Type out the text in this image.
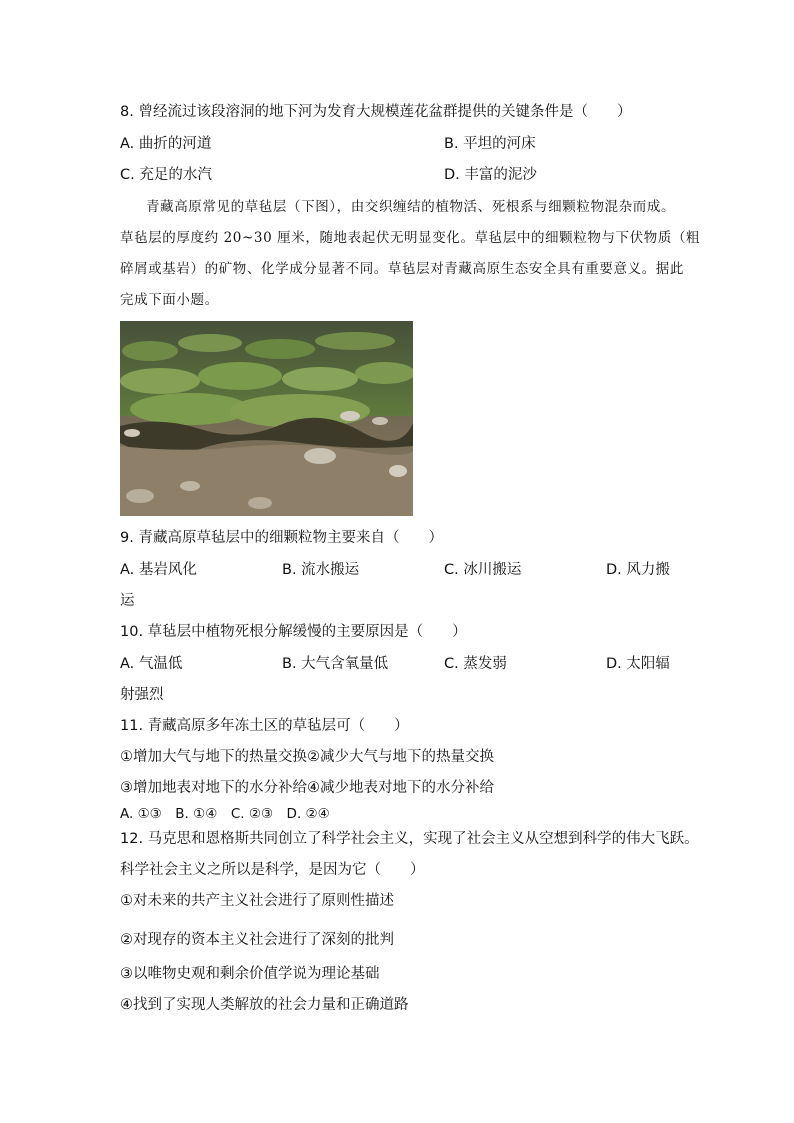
8. 曾经流过该段溶洞的地下河为发育大规模莲花盆群提供的关键条件是（　　）
A. 曲折的河道	B. 平坦的河床
C. 充足的水汽	D. 丰富的泥沙
青藏高原常见的草毡层（下图），由交织缠结的植物活、死根系与细颗粒物混杂而成。
草毡层的厚度约 20~30 厘米，随地表起伏无明显变化。草毡层中的细颗粒物与下伏物质（粗
碎屑或基岩）的矿物、化学成分显著不同。草毡层对青藏高原生态安全具有重要意义。据此
完成下面小题。
9. 青藏高原草毡层中的细颗粒物主要来自（　　）
A. 基岩风化	B. 流水搬运	C. 冰川搬运	D. 风力搬
运
10. 草毡层中植物死根分解缓慢的主要原因是（　　）
A. 气温低	B. 大气含氧量低	C. 蒸发弱	D. 太阳辐
射强烈
11. 青藏高原多年冻土区的草毡层可（　　）
①增加大气与地下的热量交换②减少大气与地下的热量交换
③增加地表对地下的水分补给④减少地表对地下的水分补给
A. ①③　B. ①④　C. ②③　D. ②④
12. 马克思和恩格斯共同创立了科学社会主义，实现了社会主义从空想到科学的伟大飞跃。
科学社会主义之所以是科学，是因为它（　　）
①对未来的共产主义社会进行了原则性描述
②对现存的资本主义社会进行了深刻的批判
③以唯物史观和剩余价值学说为理论基础
④找到了实现人类解放的社会力量和正确道路
